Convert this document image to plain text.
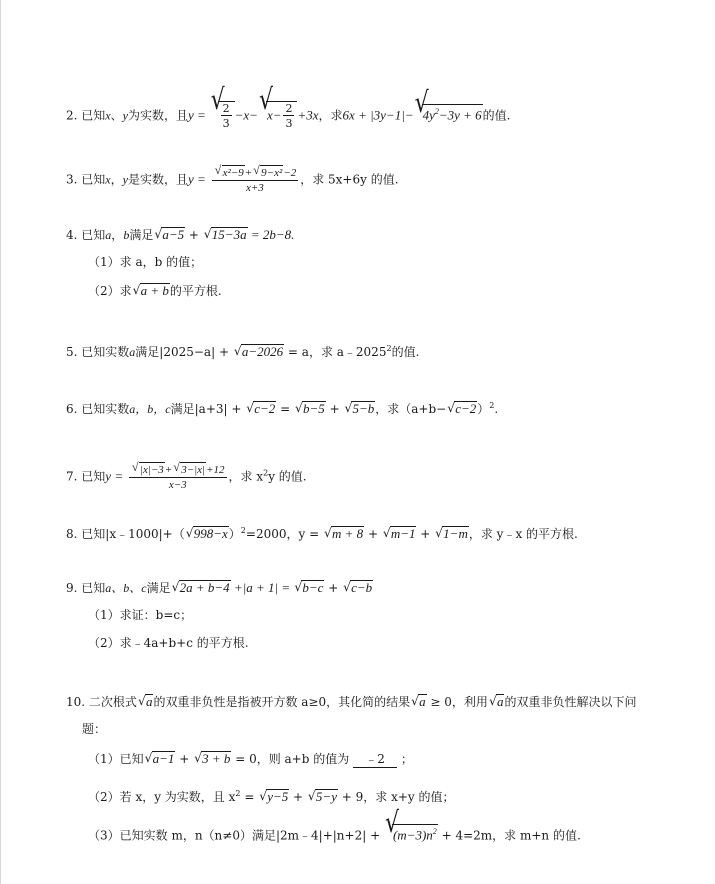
2. 已知x、y为实数，且y =
√ $\frac{2}{3} -x-√$ $x- \frac{2}{3} +3x$，求6x + |3y−1|−√ $4y^2-3y + 6$的值.
3. 已知x，y是实数，且y =
√ $\frac{\text{x²−9+√ 9−x²−2}}{x+3}$ ，求 5x+6y 的值.
4. 已知a，b满足√ a−5 + √ 15−3a = 2b−8.
（1）求 a，b 的值；
（2）求√ a + b的平方根.
5. 已知实数a满足|2025−a| + √ a−2026 = a，求 a﹣2025$^2$的值.
6. 已知实数a，b，c满足|a+3| + √ c−2 = √ b−5 + √ 5−b，求（a+b−√ c−2）$^2$.
7. 已知y =
√ $\frac{|x|-3+√ 3-|x|+12}{x-3}$ ，求 $x^2y$ 的值.
8. 已知|x﹣1000|+（√ 998−x）$^2$=2000，y = √ m + 8 + √ m−1 + √ 1−m，求 y﹣x 的平方根.
9. 已知a、b、c满足√ 2a + b−4 +|a + 1| = √ b−c + √ c−b
（1）求证：b=c；
（2）求﹣4a+b+c 的平方根.
10. 二次根式√ a的双重非负性是指被开方数 a≥0，其化简的结果√ a ≥ 0，利用√ a的双重非负性解决以下问
题：
（1）已知√ a−1 + √ 3 + b = 0，则 a+b 的值为 ﹣2 ；
（2）若 x，y 为实数，且 $x^2$ = √ y−5 + √ 5−y + 9，求 x+y 的值；
（3）已知实数 m，n（n≠0）满足|2m﹣4|+|n+2| + √ $(m-3)n^2 + 4=2m$，求 m+n 的值.
